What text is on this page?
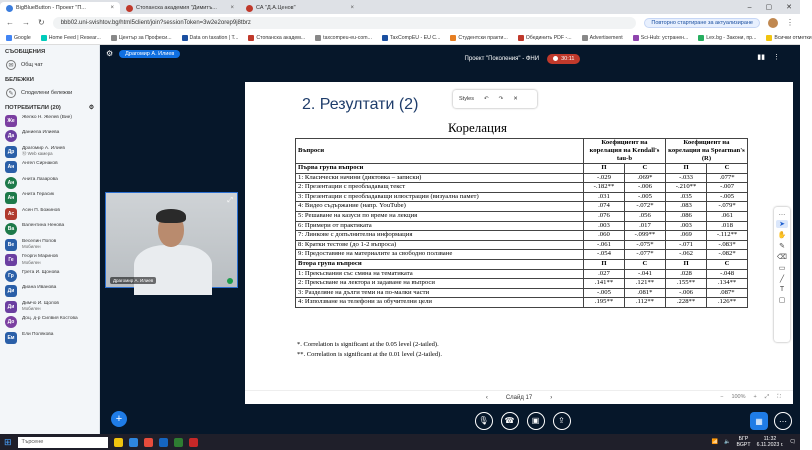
BigBlueButton - Проект "П...	×	Стопанска академия "Димитъ... ×	СА "Д.А.Ценов"	×	– ▢ ✕
← → ↻	bbb02.uni-svishtov.bg/html5client/join?sessionToken=3w2e2orep9j8tbrz	Повторно стартиране за актуализиране	⋮
Google	Home Feed | Resear...	Център за Професи...	Data on taxation | T...	Стопанска академ...	taxcompeu-eu-com...	TaxCompEU - EU C...	Студентски практи...	Обединить PDF -...	Advertisement	Sci-Hub: устранен...	Lex.bg - Закони, пр...	Всички отметки
СЪОБЩЕНИЯ
✉	Общ чат
БЕЛЕЖКИ
✎	Споделени бележки
ПОТРЕБИТЕЛИ (20)	⚙
Же
Желко Н. Желев (Вие)
Да
Даниела Илиева
Др
Драгомир А. Илиев
Ⓜ Web камера
Ан
Ангел Сирнаков
Ан
Анита Лазарова
Ан
Анита Герасик
Ас
Асен П. Божинов
Ва
Валентина Ненова
Ве
Веселин Попов
Мобилен
Ге
Георги Маринов
Мобилен
Гр
Грета И. Щонова
Ди
Диана Иванова
Ди
Димчо И. Щолов
Мобилен
До
Доц. д-р Силвия Костова
Ем
Ели Полякова
⚙	Драгомир А. Илиев
⤢
Драгомир А. Илиев
+
Проект "Поколения" - ФНИ	30:11	▮▮ ⋮
2. Резултати (2)
Корелация
Въпроси	Коефициент на корелация на Kendall's tau-b		Коефициент на корелация на Spearman's (R)	
Първа група въпроси	П	С	П	С
1: Класически начини (диктовка – записки)	-.029	.069*	-.033	.077*
2: Презентации с преобладаващ текст	-.182**	-.006	-.210**	-.007
3: Презентации с преобладаващи илюстрации (визуална памет)	.031	-.005	.035	-.005
4: Видео съдържание (напр. YouTube)	.074	-.072*	.083	-.079*
5: Решаване на казуси по време на лекция	.076	.056	.086	.061
6: Примери от практиката	.003	.017	.003	.018
7: Линкове с допълнителна информация	.060	-.099**	.069	-.112**
8: Кратки тестове (до 1-2 въпроса)	-.061	-.075*	-.071	-.083*
9: Предоставяне на материалите за свободно ползване	-.054	-.077*	-.062	-.082*
Втора група въпроси	П	С	П	С
1: Прекъсвания със смяна на тематиката	.027	-.041	.028	-.048
2: Прекъсване на лектора и задаване на въпроси	.141**	.121**	.155**	.134**
3: Разделяне на дълги теми на по-малки части	-.005	.081*	-.006	.087*
4: Използване на телефони за обучителни цели	.195**	.112**	.228**	.126**
*. Correlation is significant at the 0.05 level (2-tailed).
**. Correlation is significant at the 0.01 level (2-tailed).
Styles ↶ ↷ ✕
…
➤
✋
✎
⌫
▭
╱
T
▢
‹	Слайд 17	›	− 100% + ⤢ ⛶
🎙	☎	▣	⇪	▦	⋯
⊞ Търсене	📶 🔈	БГР
BGPT
11:32
6.11.2023 г. 🗨
